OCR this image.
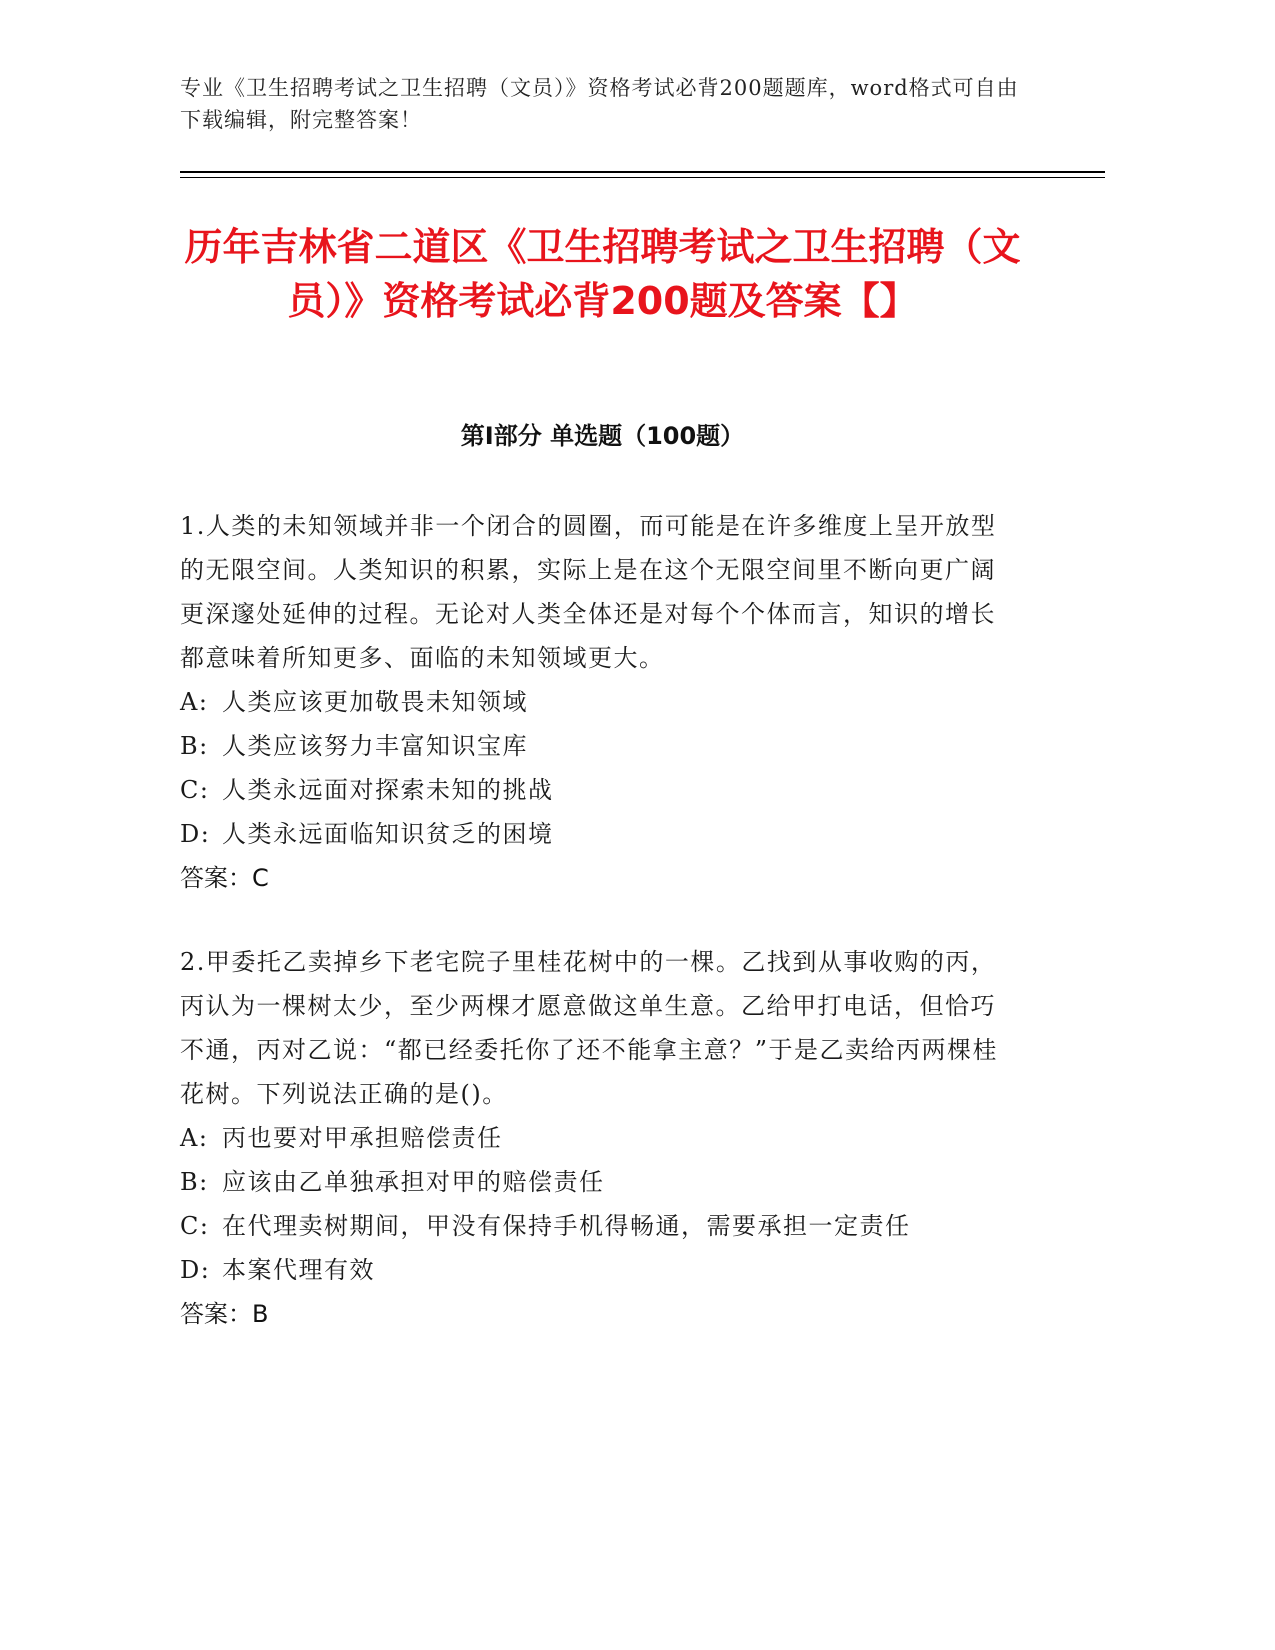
专业《卫生招聘考试之卫生招聘（文员）》资格考试必背200题题库，word格式可自由下载编辑，附完整答案！

历年吉林省二道区《卫生招聘考试之卫生招聘（文员）》资格考试必背200题及答案【】
第Ⅰ部分 单选题（100题）

1.人类的未知领域并非一个闭合的圆圈，而可能是在许多维度上呈开放型的无限空间。人类知识的积累，实际上是在这个无限空间里不断向更广阔更深邃处延伸的过程。无论对人类全体还是对每个个体而言，知识的增长都意味着所知更多、面临的未知领域更大。

A: 人类应该更加敬畏未知领域
B: 人类应该努力丰富知识宝库
C: 人类永远面对探索未知的挑战
D: 人类永远面临知识贫乏的困境

答案：C

2.甲委托乙卖掉乡下老宅院子里桂花树中的一棵。乙找到从事收购的丙，丙认为一棵树太少，至少两棵才愿意做这单生意。乙给甲打电话，但恰巧不通，丙对乙说：“都已经委托你了还不能拿主意？”于是乙卖给丙两棵桂花树。下列说法正确的是()。

A: 丙也要对甲承担赔偿责任
B: 应该由乙单独承担对甲的赔偿责任
C: 在代理卖树期间，甲没有保持手机得畅通，需要承担一定责任
D: 本案代理有效

答案：B
